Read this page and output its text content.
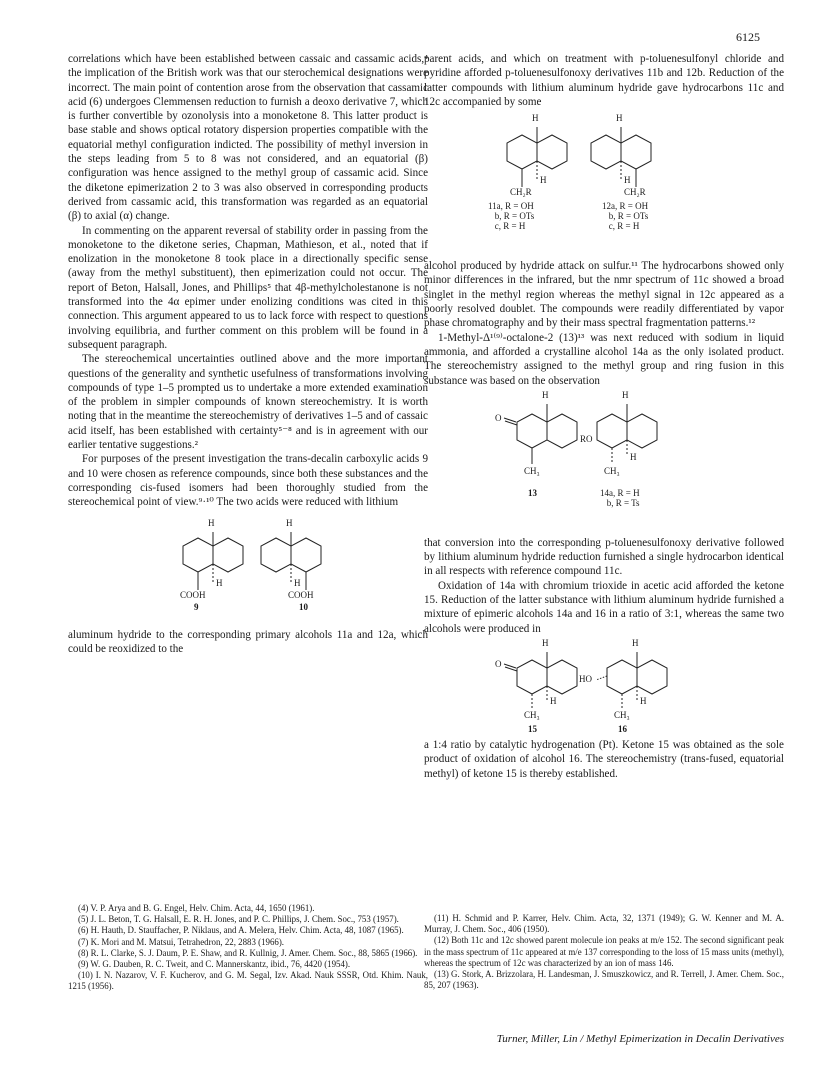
6125

correlations which have been established between cassaic and cassamic acids,⁴ the implication of the British work was that our sterochemical designations were incorrect. The main point of contention arose from the observation that cassamic acid (6) undergoes Clemmensen reduction to furnish a deoxo derivative 7, which is further convertible by ozonolysis into a monoketone 8. This latter product is base stable and shows optical rotatory dispersion properties compatible with the equatorial methyl configuration indicted. The possibility of methyl inversion in the steps leading from 5 to 8 was not considered, and an equatorial (β) configuration was hence assigned to the methyl group of cassamic acid. Since the diketone epimerization 2 to 3 was also observed in corresponding products derived from cassamic acid, this transformation was regarded as an equatorial (β) to axial (α) change.

In commenting on the apparent reversal of stability order in passing from the monoketone to the diketone series, Chapman, Mathieson, et al., noted that if enolization in the monoketone 8 took place in a directionally specific sense (away from the methyl substituent), then epimerization could not occur. The report of Beton, Halsall, Jones, and Phillips⁵ that 4β-methylcholestanone is not transformed into the 4α epimer under enolizing conditions was cited in this connection. This argument appeared to us to lack force with respect to questions involving equilibria, and further comment on this problem will be found in a subsequent paragraph.

The stereochemical uncertainties outlined above and the more important questions of the generality and synthetic usefulness of transformations involving compounds of type 1–5 prompted us to undertake a more extended examination of the problem in simpler compounds of known stereochemistry. It is worth noting that in the meantime the stereochemistry of derivatives 1–5 and of cassaic acid itself, has been established with certainty⁵⁻⁸ and is in agreement with our earlier tentative suggestions.²

For purposes of the present investigation the trans-decalin carboxylic acids 9 and 10 were chosen as reference compounds, since both these substances and the corresponding cis-fused isomers had been thoroughly studied from the stereochemical point of view.⁹·¹⁰ The two acids were reduced with lithium

H
H
COOH
9
H
H
COOH
10

aluminum hydride to the corresponding primary alcohols 11a and 12a, which could be reoxidized to the

parent acids, and which on treatment with p-toluenesulfonyl chloride and pyridine afforded p-toluenesulfonoxy derivatives 11b and 12b. Reduction of the latter compounds with lithium aluminum hydride gave hydrocarbons 11c and 12c accompanied by some

H
H
CH₂R
11a, R = OH
b, R = OTs
c, R = H
H
H
CH₂R
12a, R = OH
b, R = OTs
c, R = H

alcohol produced by hydride attack on sulfur.¹¹ The hydrocarbons showed only minor differences in the infrared, but the nmr spectrum of 11c showed a broad singlet in the methyl region whereas the methyl signal in 12c appeared as a poorly resolved doublet. The compounds were readily differentiated by vapor phase chromatography and by their mass spectral fragmentation patterns.¹²

1-Methyl-Δ¹⁽⁹⁾-octalone-2 (13)¹³ was next reduced with sodium in liquid ammonia, and afforded a crystalline alcohol 14a as the only isolated product. The stereochemistry assigned to the methyl group and ring fusion in this substance was based on the observation

H
O
CH₃
13
H
RO
H
CH₃
14a, R = H
b, R = Ts

that conversion into the corresponding p-toluenesulfonoxy derivative followed by lithium aluminum hydride reduction furnished a single hydrocarbon identical in all respects with reference compound 11c.

Oxidation of 14a with chromium trioxide in acetic acid afforded the ketone 15. Reduction of the latter substance with lithium aluminum hydride furnished a mixture of epimeric alcohols 14a and 16 in a ratio of 3:1, whereas the same two alcohols were produced in

H
O
H
CH₃
15
H
HO
H
CH₃
16

a 1:4 ratio by catalytic hydrogenation (Pt). Ketone 15 was obtained as the sole product of oxidation of alcohol 16. The stereochemistry (trans-fused, equatorial methyl) of ketone 15 is thereby established.

(4) V. P. Arya and B. G. Engel, Helv. Chim. Acta, 44, 1650 (1961).

(5) J. L. Beton, T. G. Halsall, E. R. H. Jones, and P. C. Phillips, J. Chem. Soc., 753 (1957).

(6) H. Hauth, D. Stauffacher, P. Niklaus, and A. Melera, Helv. Chim. Acta, 48, 1087 (1965).

(7) K. Mori and M. Matsui, Tetrahedron, 22, 2883 (1966).

(8) R. L. Clarke, S. J. Daum, P. E. Shaw, and R. Kullnig, J. Amer. Chem. Soc., 88, 5865 (1966).

(9) W. G. Dauben, R. C. Tweit, and C. Mannerskantz, ibid., 76, 4420 (1954).

(10) I. N. Nazarov, V. F. Kucherov, and G. M. Segal, Izv. Akad. Nauk SSSR, Otd. Khim. Nauk, 1215 (1956).

(11) H. Schmid and P. Karrer, Helv. Chim. Acta, 32, 1371 (1949); G. W. Kenner and M. A. Murray, J. Chem. Soc., 406 (1950).

(12) Both 11c and 12c showed parent molecule ion peaks at m/e 152. The second significant peak in the mass spectrum of 11c appeared at m/e 137 corresponding to the loss of 15 mass units (methyl), whereas the spectrum of 12c was characterized by an ion of mass 146.

(13) G. Stork, A. Brizzolara, H. Landesman, J. Smuszkowicz, and R. Terrell, J. Amer. Chem. Soc., 85, 207 (1963).

Turner, Miller, Lin / Methyl Epimerization in Decalin Derivatives
